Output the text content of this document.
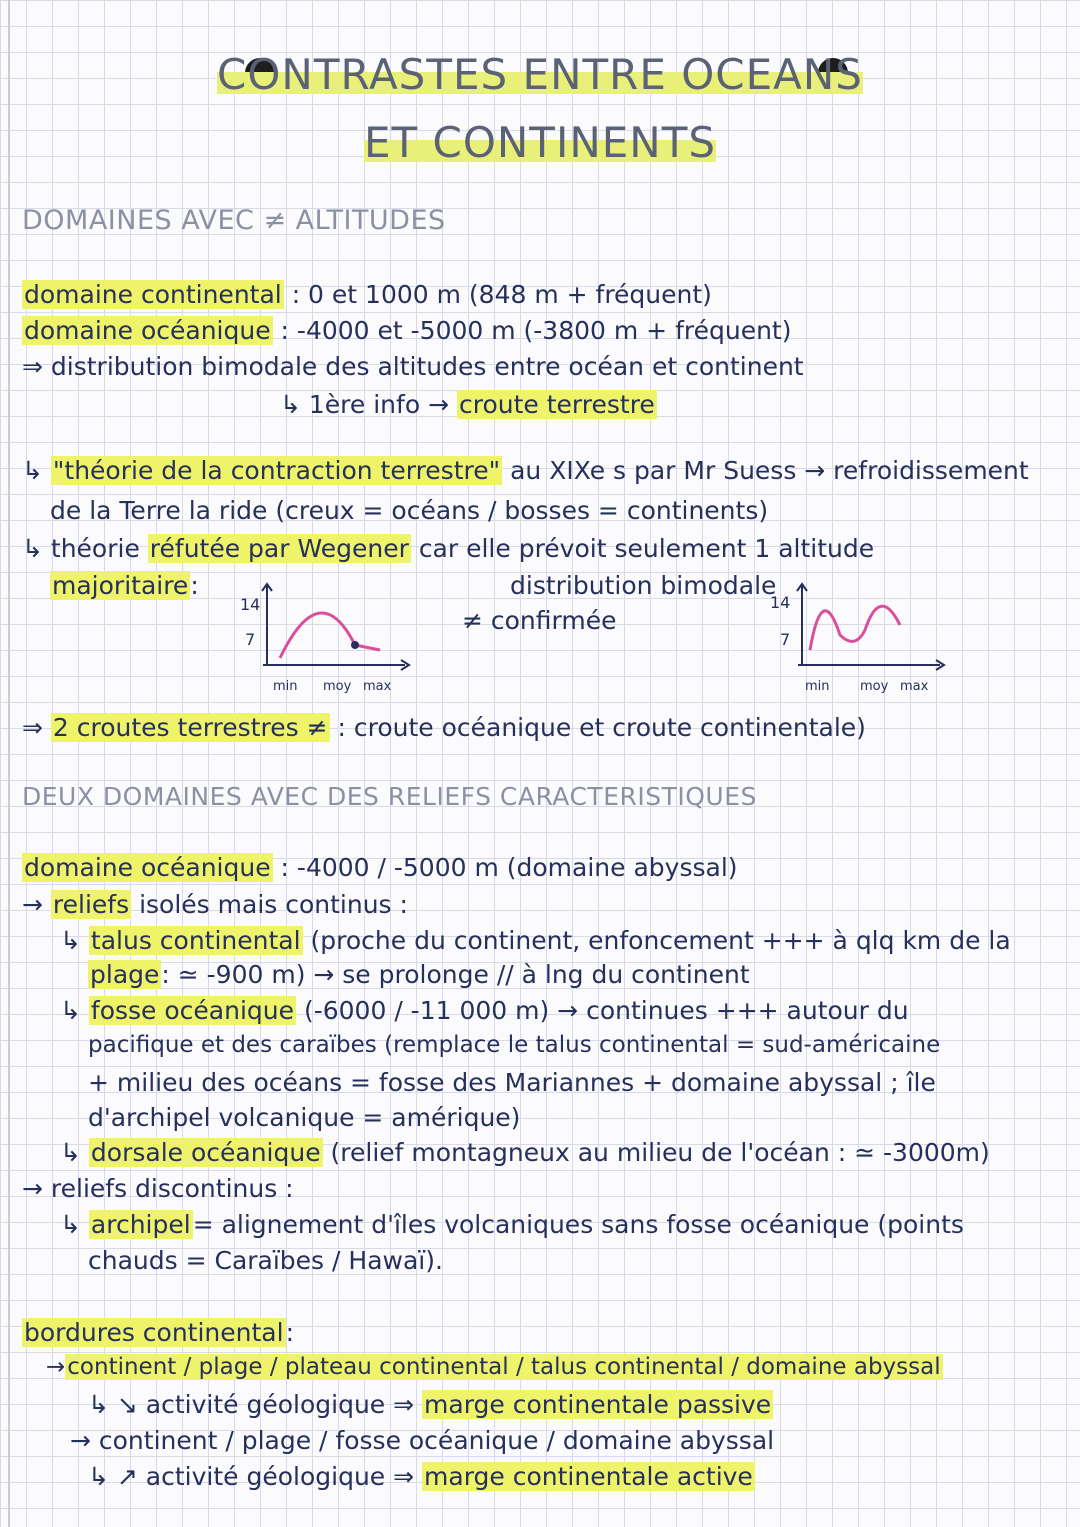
CONTRASTES ENTRE OCEANS
ET CONTINENTS
DOMAINES AVEC ≠ ALTITUDES
domaine continental : 0 et 1000 m (848 m + fréquent)
domaine océanique : -4000 et -5000 m (-3800 m + fréquent)
⇒ distribution bimodale des altitudes entre océan et continent
↳ 1ère info → croute terrestre
↳ "théorie de la contraction terrestre" au XIXe s par Mr Suess → refroidissement
de la Terre la ride (creux = océans / bosses = continents)
↳ théorie réfutée par Wegener car elle prévoit seulement 1 altitude
majoritaire:	distribution bimodale
≠ confirmée
14
7
min moy max
14
7
min moy max
⇒ 2 croutes terrestres ≠ : croute océanique et croute continentale)
DEUX DOMAINES AVEC DES RELIEFS CARACTERISTIQUES
domaine océanique : -4000 / -5000 m (domaine abyssal)
→ reliefs isolés mais continus :
↳ talus continental (proche du continent, enfoncement +++ à qlq km de la
plage: ≃ -900 m) → se prolonge // à lng du continent
↳ fosse océanique (-6000 / -11 000 m) → continues +++ autour du
pacifique et des caraïbes (remplace le talus continental = sud-américaine
+ milieu des océans = fosse des Mariannes + domaine abyssal ; île
d'archipel volcanique = amérique)
↳ dorsale océanique (relief montagneux au milieu de l'océan : ≃ -3000m)
→ reliefs discontinus :
↳ archipel= alignement d'îles volcaniques sans fosse océanique (points
chauds = Caraïbes / Hawaï).
bordures continental:
→continent / plage / plateau continental / talus continental / domaine abyssal
↳ ↘ activité géologique ⇒ marge continentale passive
→ continent / plage / fosse océanique / domaine abyssal
↳ ↗ activité géologique ⇒ marge continentale active
